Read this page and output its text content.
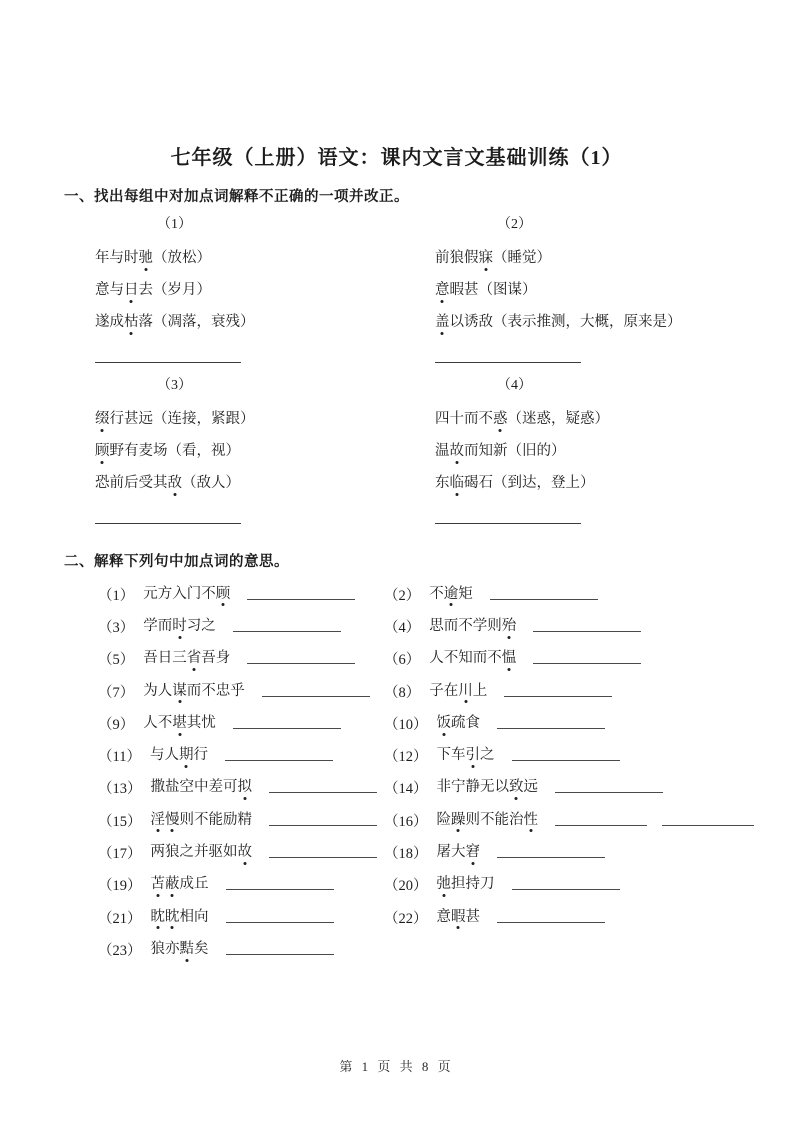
七年级（上册）语文：课内文言文基础训练（1）
一、找出每组中对加点词解释不正确的一项并改正。
（1）
年与时驰（放松）
意与日去（岁月）
遂成枯落（凋落，衰残）
（2）
前狼假寐（睡觉）
意暇甚（图谋）
盖以诱敌（表示推测，大概，原来是）
（3）
缀行甚远（连接，紧跟）
顾野有麦场（看，视）
恐前后受其敌（敌人）
（4）
四十而不惑（迷惑，疑惑）
温故而知新（旧的）
东临碣石（到达，登上）
二、解释下列句中加点词的意思。
（1） 元方入门不顾	（2） 不逾矩
（3） 学而时习之	（4） 思而不学则殆
（5） 吾日三省吾身	（6） 人不知而不愠
（7） 为人谋而不忠乎	（8） 子在川上
（9） 人不堪其忧	（10） 饭疏食
（11） 与人期行	（12） 下车引之
（13） 撒盐空中差可拟	（14） 非宁静无以致远
（15） 淫慢则不能励精	（16） 险躁则不能治性
（17） 两狼之并驱如故	（18） 屠大窘
（19） 苫蔽成丘	（20） 弛担持刀
（21） 眈眈相向	（22） 意暇甚
（23） 狼亦黠矣
第 1 页 共 8 页
